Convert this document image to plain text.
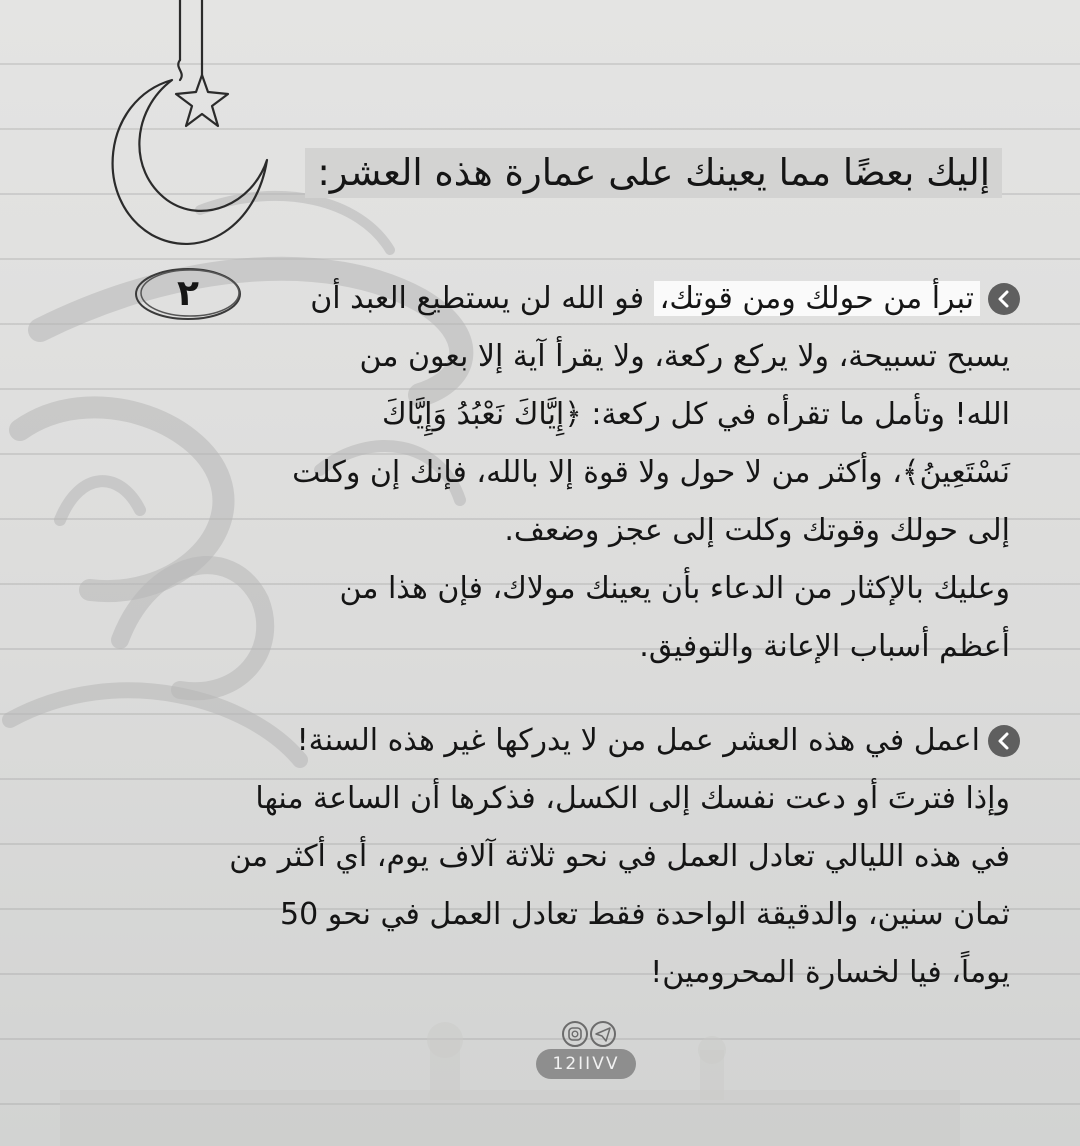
إليك بعضًا مما يعينك على عمارة هذه العشر:
٢	تبرأ من حولك ومن قوتك، فو الله لن يستطيع العبد أن

يسبح تسبيحة، ولا يركع ركعة، ولا يقرأ آية إلا بعون من
الله! وتأمل ما تقرأه في كل ركعة: ﴿إِيَّاكَ نَعْبُدُ وَإِيَّاكَ
نَسْتَعِينُ﴾، وأكثر من لا حول ولا قوة إلا بالله، فإنك إن وكلت
إلى حولك وقوتك وكلت إلى عجز وضعف.
وعليك بالإكثار من الدعاء بأن يعينك مولاك، فإن هذا من
أعظم أسباب الإعانة والتوفيق.

اعمل في هذه العشر عمل من لا يدركها غير هذه السنة!

وإذا فترتَ أو دعت نفسك إلى الكسل، فذكرها أن الساعة منها
في هذه الليالي تعادل العمل في نحو ثلاثة آلاف يوم، أي أكثر من
ثمان سنين، والدقيقة الواحدة فقط تعادل العمل في نحو 50
يوماً، فيا لخسارة المحرومين!

12IIVV
